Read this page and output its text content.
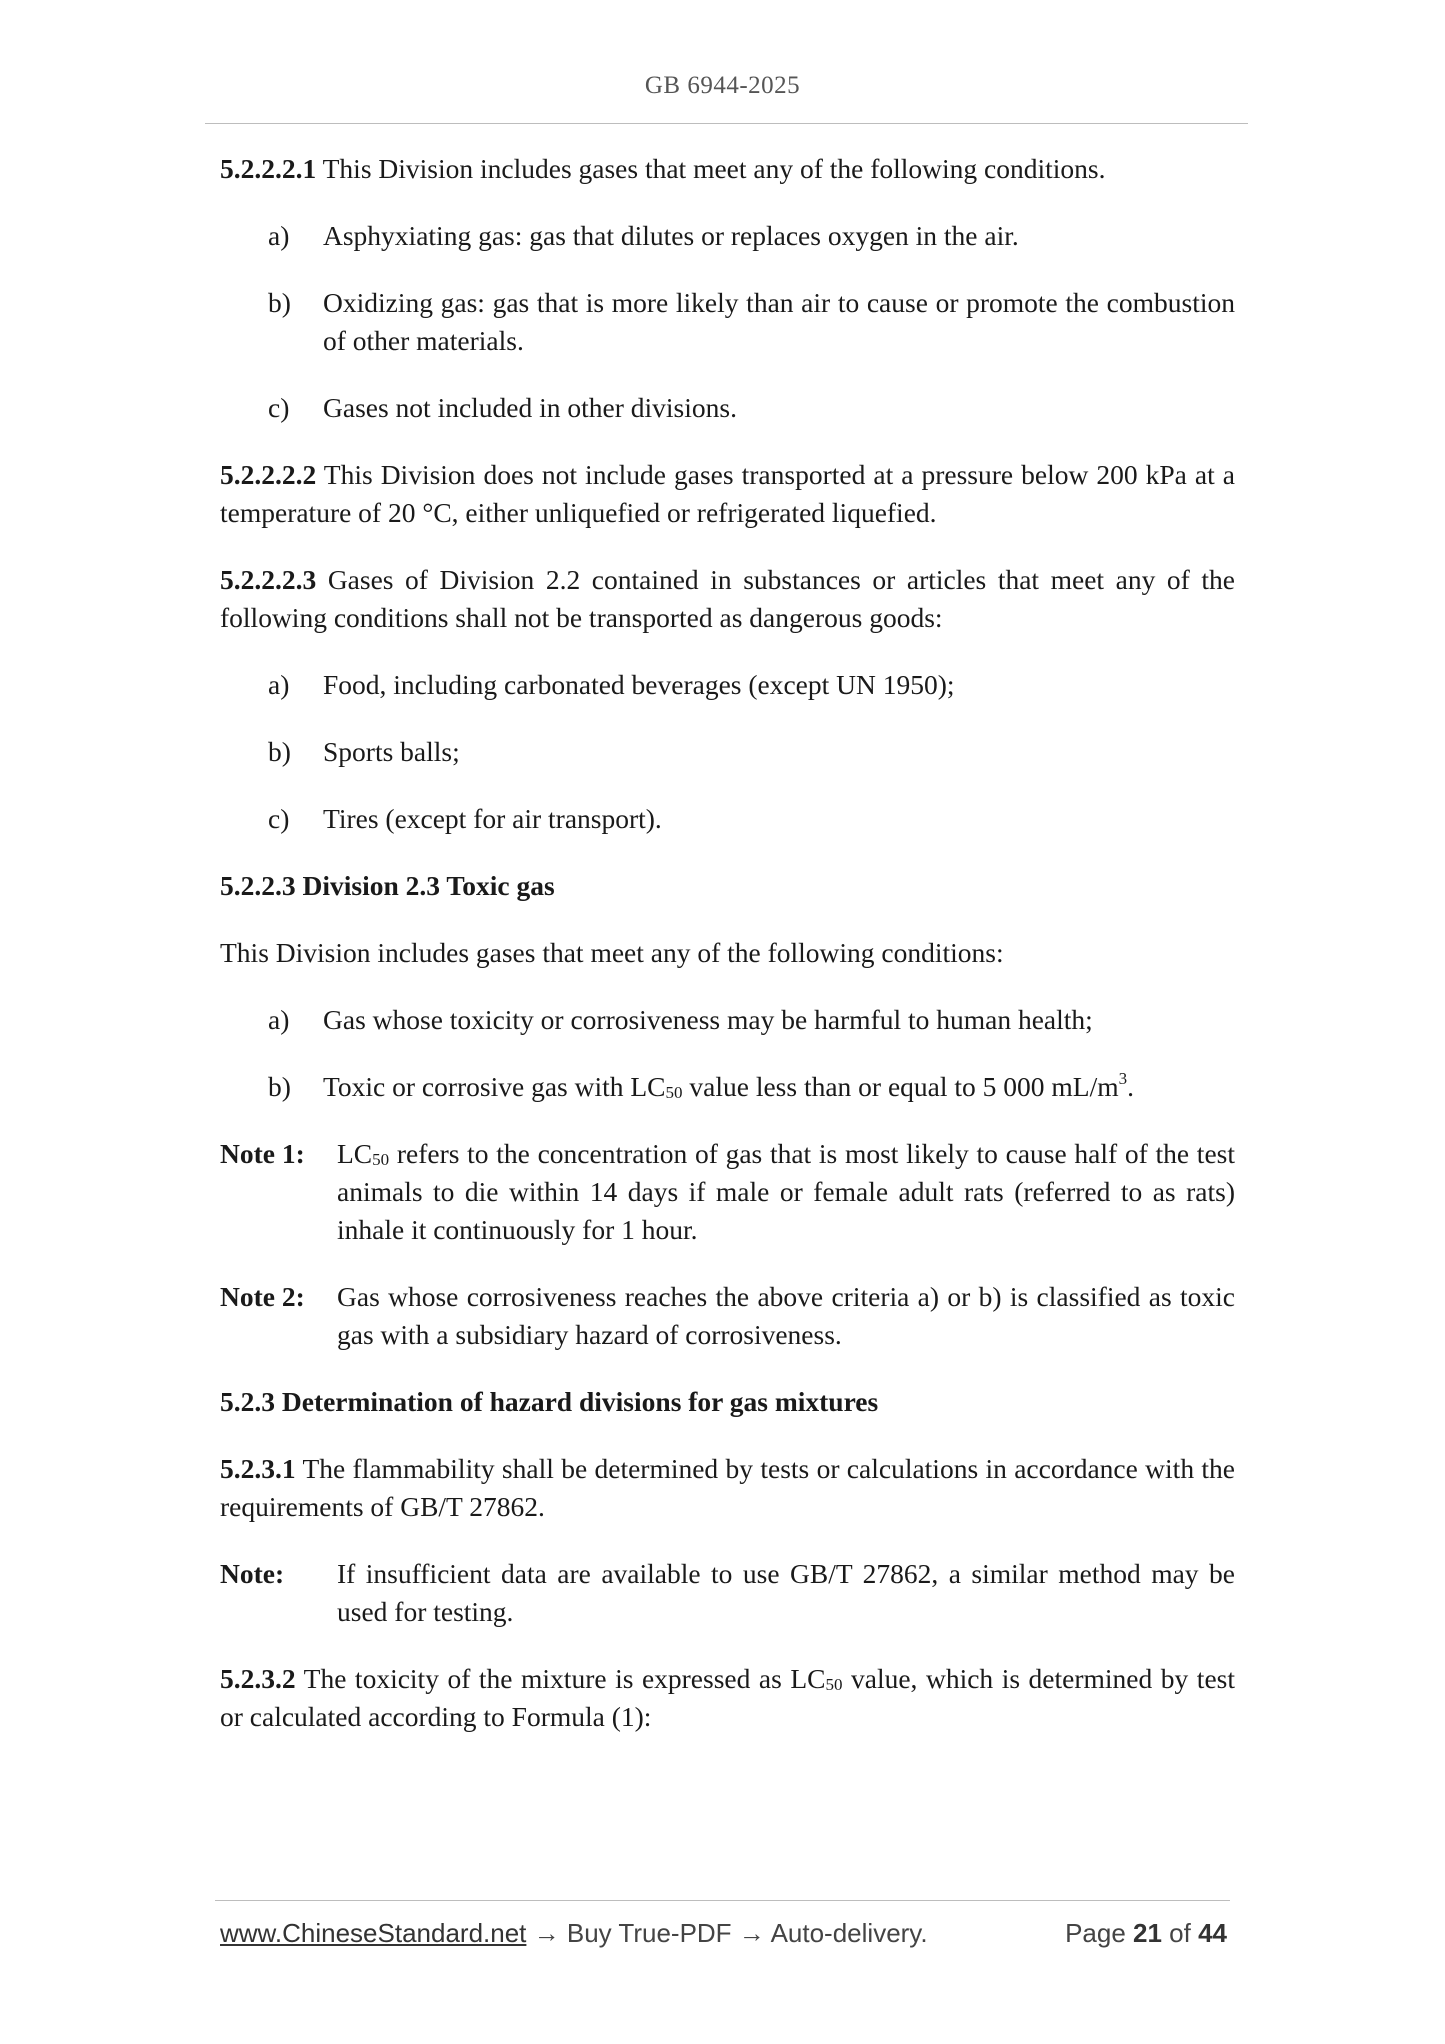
GB 6944-2025

5.2.2.2.1 This Division includes gases that meet any of the following conditions.

a) Asphyxiating gas: gas that dilutes or replaces oxygen in the air.
b) Oxidizing gas: gas that is more likely than air to cause or promote the combustion of other materials.
c) Gases not included in other divisions.

5.2.2.2.2 This Division does not include gases transported at a pressure below 200 kPa at a temperature of 20 °C, either unliquefied or refrigerated liquefied.

5.2.2.2.3 Gases of Division 2.2 contained in substances or articles that meet any of the following conditions shall not be transported as dangerous goods:

a) Food, including carbonated beverages (except UN 1950);
b) Sports balls;
c) Tires (except for air transport).

5.2.2.3 Division 2.3 Toxic gas

This Division includes gases that meet any of the following conditions:

a) Gas whose toxicity or corrosiveness may be harmful to human health;
b) Toxic or corrosive gas with $LC_{50}$ value less than or equal to 5 000 $mL/m^3$.
Note 1: $LC_{50}$ refers to the concentration of gas that is most likely to cause half of the test animals to die within 14 days if male or female adult rats (referred to as rats) inhale it continuously for 1 hour.
Note 2: Gas whose corrosiveness reaches the above criteria a) or b) is classified as toxic gas with a subsidiary hazard of corrosiveness.

5.2.3 Determination of hazard divisions for gas mixtures

5.2.3.1 The flammability shall be determined by tests or calculations in accordance with the requirements of GB/T 27862.

Note: If insufficient data are available to use GB/T 27862, a similar method may be used for testing.

5.2.3.2 The toxicity of the mixture is expressed as $LC_{50}$ value, which is determined by test or calculated according to Formula (1):

www.ChineseStandard.net → Buy True-PDF → Auto-delivery.	Page 21 of 44
